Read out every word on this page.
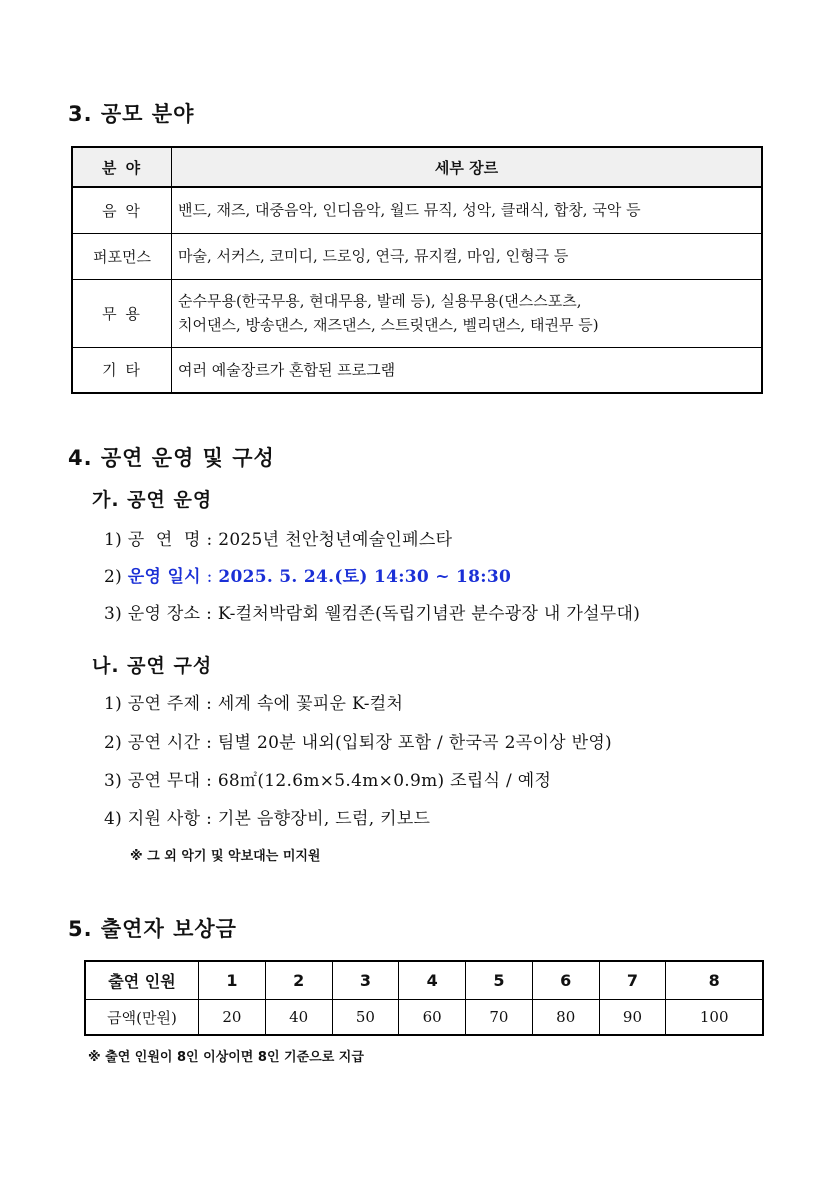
3. 공모 분야
분 야	세부 장르
음 악	밴드, 재즈, 대중음악, 인디음악, 월드 뮤직, 성악, 클래식, 합창, 국악 등
퍼포먼스	마술, 서커스, 코미디, 드로잉, 연극, 뮤지컬, 마임, 인형극 등
무 용	순수무용(한국무용, 현대무용, 발레 등), 실용무용(댄스스포츠,
치어댄스, 방송댄스, 재즈댄스, 스트릿댄스, 벨리댄스, 태권무 등)

기 타	여러 예술장르가 혼합된 프로그램
4. 공연 운영 및 구성
가. 공연 운영
1) 공  연  명 : 2025년 천안청년예술인페스타
2) 운영 일시 : 2025. 5. 24.(토) 14:30 ~ 18:30
3) 운영 장소 : K-컬처박람회 웰컴존(독립기념관 분수광장 내 가설무대)
나. 공연 구성
1) 공연 주제 : 세계 속에 꽃피운 K-컬처
2) 공연 시간 : 팀별 20분 내외(입퇴장 포함 / 한국곡 2곡이상 반영)
3) 공연 무대 : 68㎡(12.6m×5.4m×0.9m) 조립식 / 예정
4) 지원 사항 : 기본 음향장비, 드럼, 키보드
※ 그 외 악기 및 악보대는 미지원
5. 출연자 보상금
출연 인원	1	2	3	4	5	6	7	8
금액(만원)	20	40	50	60	70	80	90	100
※ 출연 인원이 8인 이상이면 8인 기준으로 지급
